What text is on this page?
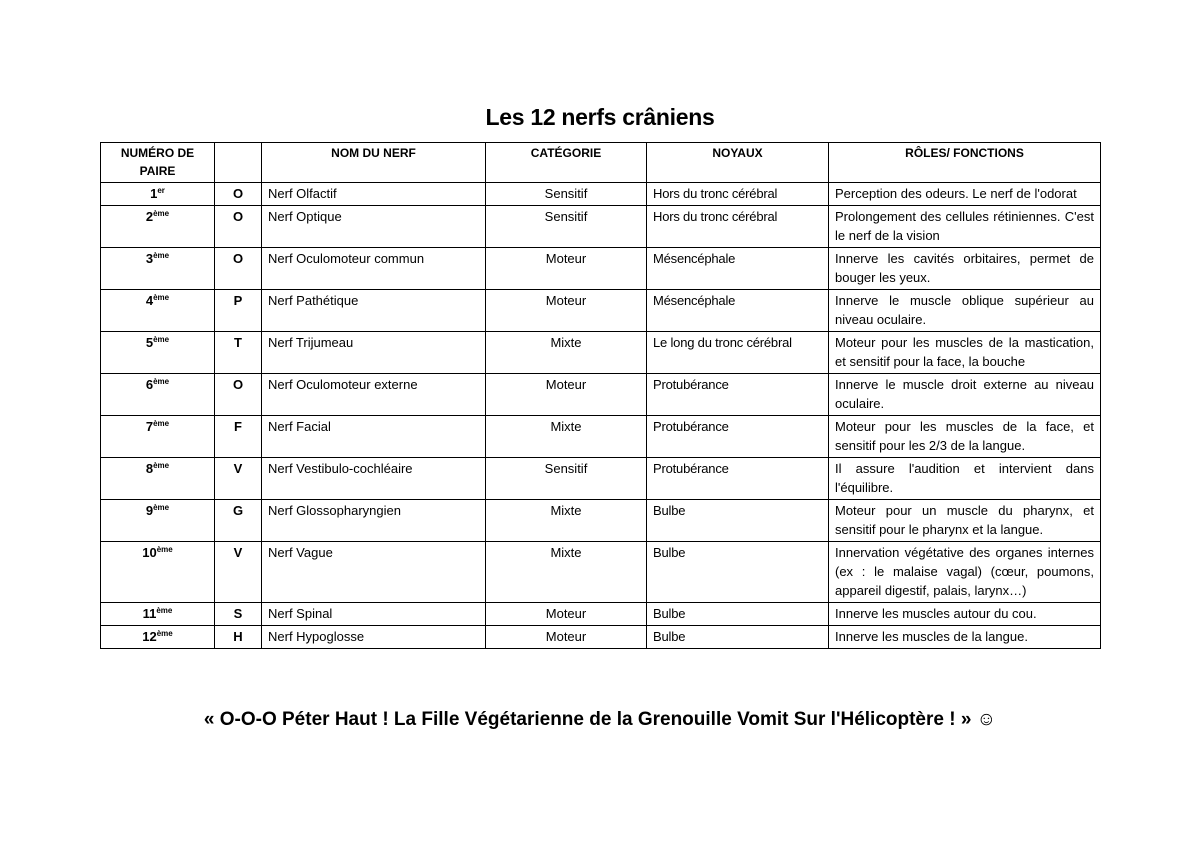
Les 12 nerfs crâniens
NUMÉRO DE PAIRE		NOM DU NERF	CATÉGORIE	NOYAUX	RÔLES/ FONCTIONS
1er	O	Nerf Olfactif	Sensitif	Hors du tronc cérébral	Perception des odeurs. Le nerf de l'odorat
2ème	O	Nerf Optique	Sensitif	Hors du tronc cérébral	Prolongement des cellules rétiniennes. C'est le nerf de la vision
3ème	O	Nerf Oculomoteur commun	Moteur	Mésencéphale	Innerve les cavités orbitaires, permet de bouger les yeux.
4ème	P	Nerf Pathétique	Moteur	Mésencéphale	Innerve le muscle oblique supérieur au niveau oculaire.
5ème	T	Nerf Trijumeau	Mixte	Le long du tronc cérébral	Moteur pour les muscles de la mastication, et sensitif pour la face, la bouche
6ème	O	Nerf Oculomoteur externe	Moteur	Protubérance	Innerve le muscle droit externe au niveau oculaire.
7ème	F	Nerf Facial	Mixte	Protubérance	Moteur pour les muscles de la face, et sensitif pour les 2/3 de la langue.
8ème	V	Nerf Vestibulo-cochléaire	Sensitif	Protubérance	Il assure l'audition et intervient dans l'équilibre.
9ème	G	Nerf Glossopharyngien	Mixte	Bulbe	Moteur pour un muscle du pharynx, et sensitif pour le pharynx et la langue.
10ème	V	Nerf Vague	Mixte	Bulbe	Innervation végétative des organes internes (ex : le malaise vagal) (cœur, poumons, appareil digestif, palais, larynx…)
11ème	S	Nerf Spinal	Moteur	Bulbe	Innerve les muscles autour du cou.
12ème	H	Nerf Hypoglosse	Moteur	Bulbe	Innerve les muscles de la langue.
« O-O-O Péter Haut ! La Fille Végétarienne de la Grenouille Vomit Sur l'Hélicoptère ! » ☺
